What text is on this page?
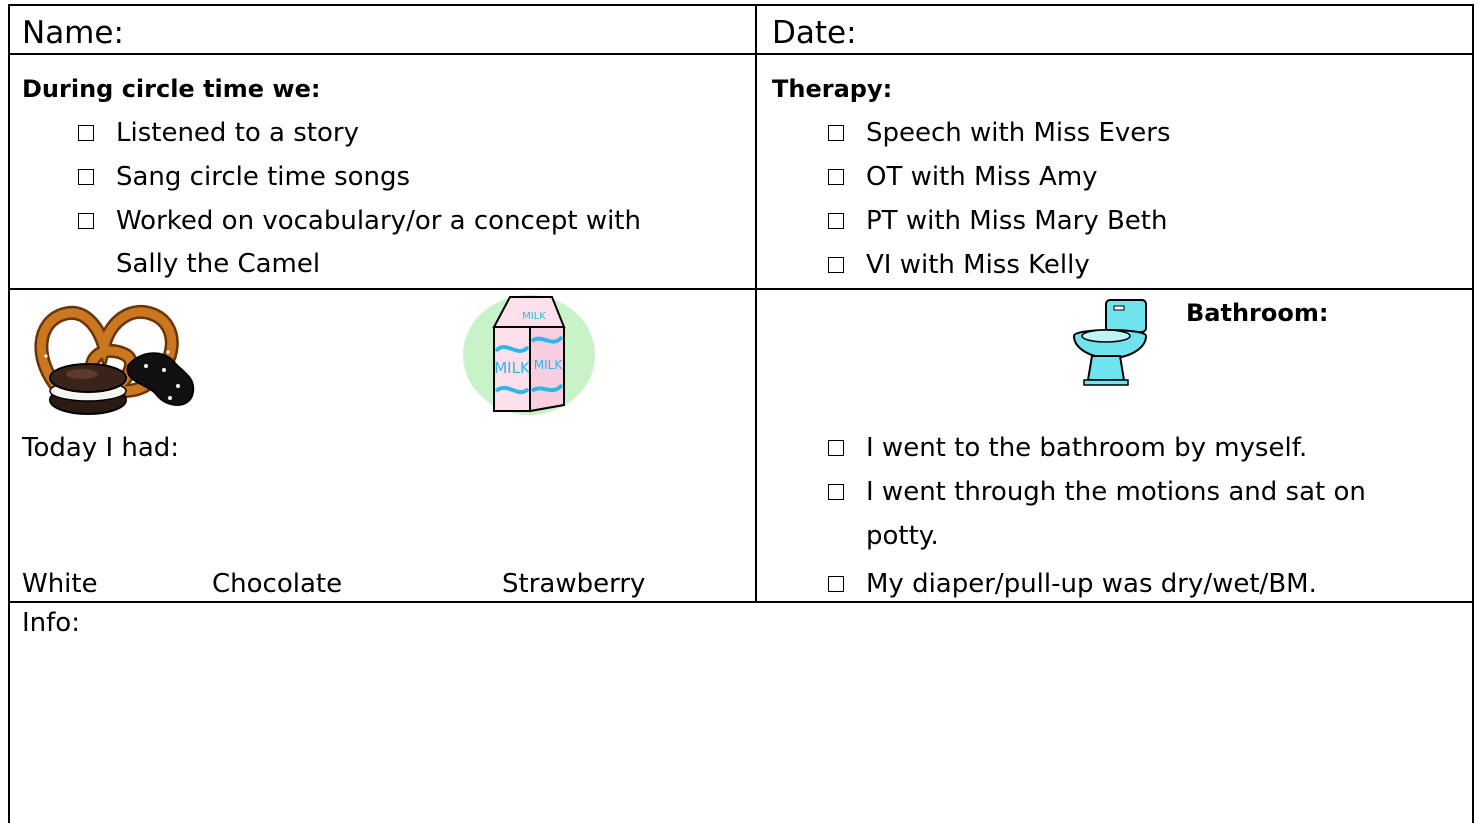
Name:	Date:
During circle time we:
Listened to a story
Sang circle time songs
Worked on vocabulary/or a concept with
Sally the Camel
Therapy:
Speech with Miss Evers
OT with Miss Amy
PT with Miss Mary Beth
VI with Miss Kelly
MILK MILK
MILK
Today I had:
White	Chocolate	Strawberry
Bathroom:
I went to the bathroom by myself.
I went through the motions and sat on
potty.
My diaper/pull-up was dry/wet/BM.
Info:
